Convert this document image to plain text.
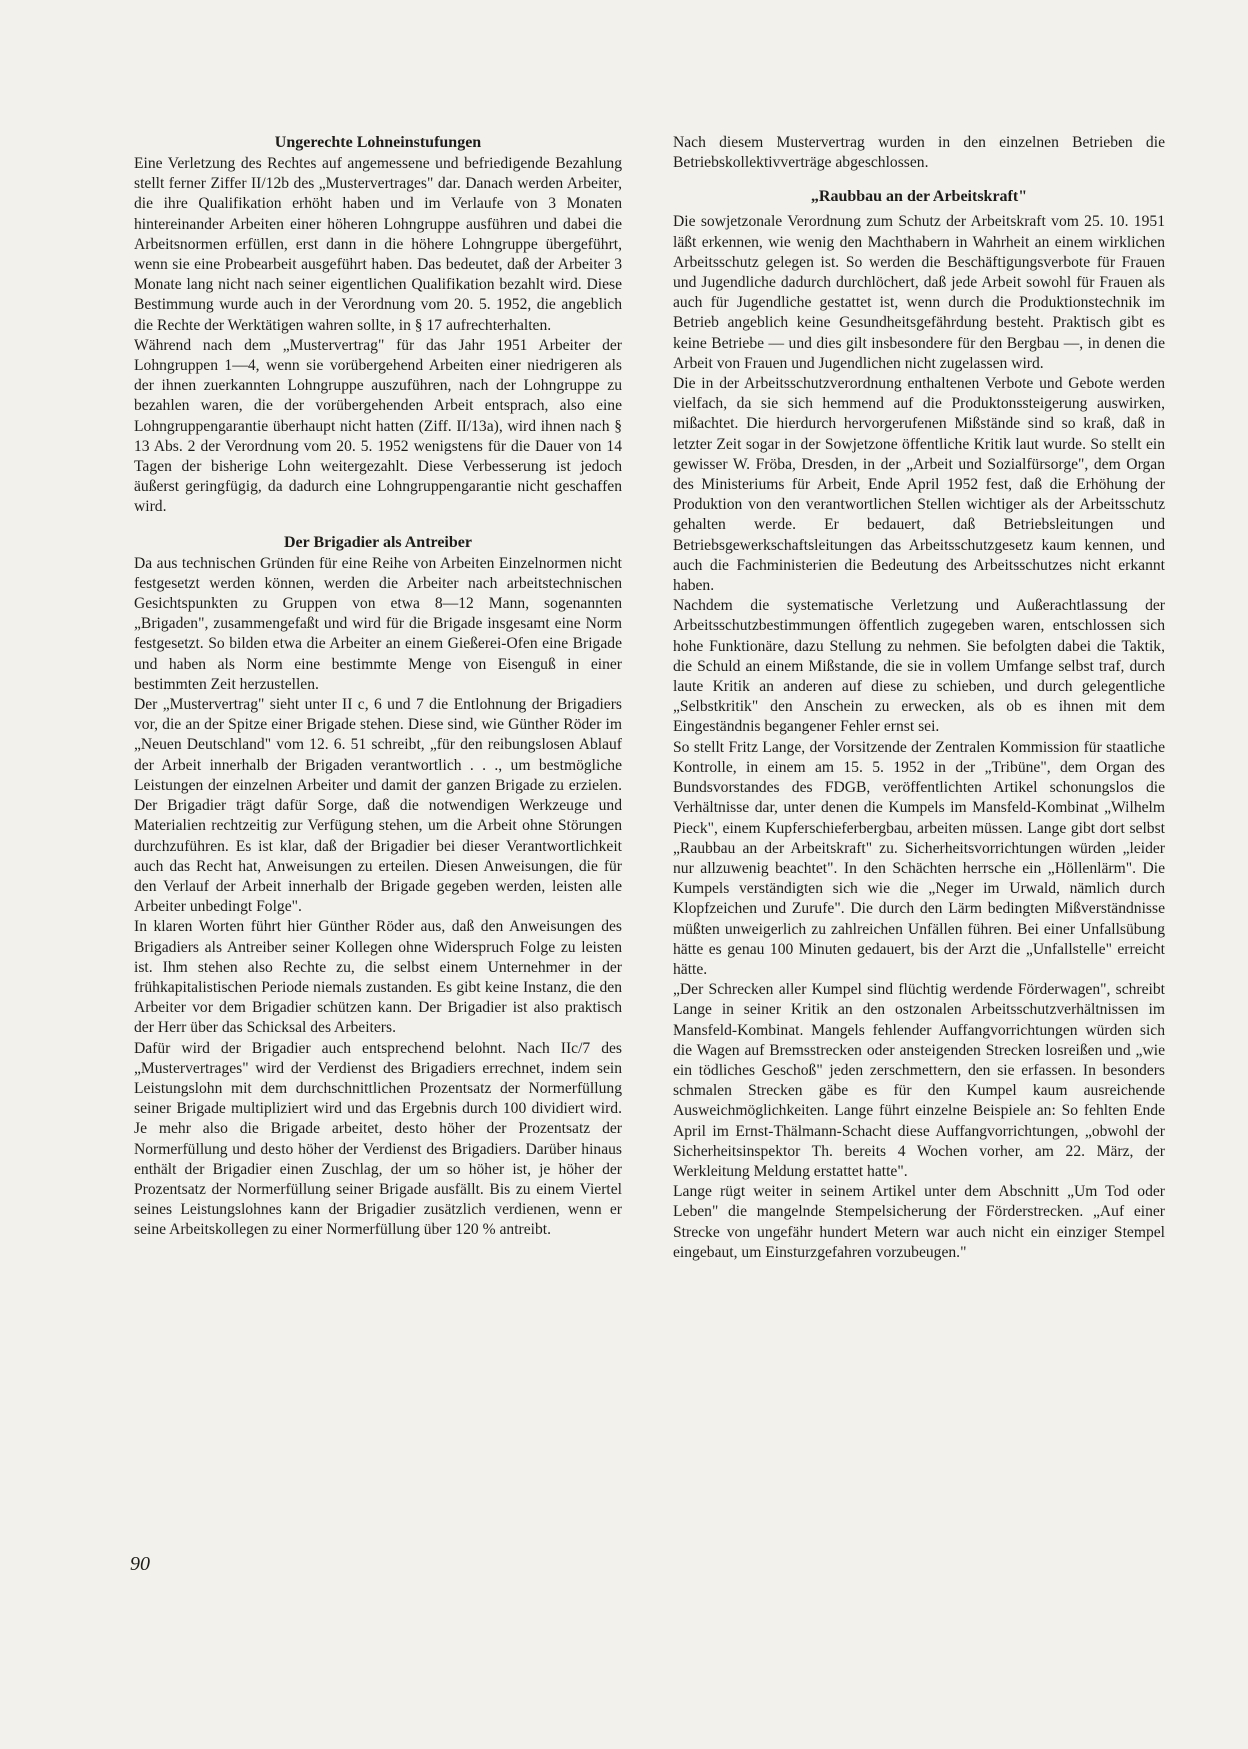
Ungerechte Lohneinstufungen

Eine Verletzung des Rechtes auf angemessene und befriedigende Bezahlung stellt ferner Ziffer II/12b des „Mustervertrages" dar. Danach werden Arbeiter, die ihre Qualifikation erhöht haben und im Verlaufe von 3 Monaten hintereinander Arbeiten einer höheren Lohngruppe ausführen und dabei die Arbeitsnormen erfüllen, erst dann in die höhere Lohngruppe übergeführt, wenn sie eine Probearbeit ausgeführt haben. Das bedeutet, daß der Arbeiter 3 Monate lang nicht nach seiner eigentlichen Qualifikation bezahlt wird. Diese Bestimmung wurde auch in der Verordnung vom 20. 5. 1952, die angeblich die Rechte der Werktätigen wahren sollte, in § 17 aufrechterhalten.

Während nach dem „Mustervertrag" für das Jahr 1951 Arbeiter der Lohngruppen 1—4, wenn sie vorübergehend Arbeiten einer niedrigeren als der ihnen zuerkannten Lohngruppe auszuführen, nach der Lohngruppe zu bezahlen waren, die der vorübergehenden Arbeit entsprach, also eine Lohngruppengarantie überhaupt nicht hatten (Ziff. II/13a), wird ihnen nach § 13 Abs. 2 der Verordnung vom 20. 5. 1952 wenigstens für die Dauer von 14 Tagen der bisherige Lohn weitergezahlt. Diese Verbesserung ist jedoch äußerst geringfügig, da dadurch eine Lohngruppengarantie nicht geschaffen wird.

Der Brigadier als Antreiber

Da aus technischen Gründen für eine Reihe von Arbeiten Einzelnormen nicht festgesetzt werden können, werden die Arbeiter nach arbeitstechnischen Gesichtspunkten zu Gruppen von etwa 8—12 Mann, sogenannten „Brigaden", zusammengefaßt und wird für die Brigade insgesamt eine Norm festgesetzt. So bilden etwa die Arbeiter an einem Gießerei-Ofen eine Brigade und haben als Norm eine bestimmte Menge von Eisenguß in einer bestimmten Zeit herzustellen.

Der „Mustervertrag" sieht unter II c, 6 und 7 die Entlohnung der Brigadiers vor, die an der Spitze einer Brigade stehen. Diese sind, wie Günther Röder im „Neuen Deutschland" vom 12. 6. 51 schreibt, „für den reibungslosen Ablauf der Arbeit innerhalb der Brigaden verantwortlich . . ., um bestmögliche Leistungen der einzelnen Arbeiter und damit der ganzen Brigade zu erzielen. Der Brigadier trägt dafür Sorge, daß die notwendigen Werkzeuge und Materialien rechtzeitig zur Verfügung stehen, um die Arbeit ohne Störungen durchzuführen. Es ist klar, daß der Brigadier bei dieser Verantwortlichkeit auch das Recht hat, Anweisungen zu erteilen. Diesen Anweisungen, die für den Verlauf der Arbeit innerhalb der Brigade gegeben werden, leisten alle Arbeiter unbedingt Folge".

In klaren Worten führt hier Günther Röder aus, daß den Anweisungen des Brigadiers als Antreiber seiner Kollegen ohne Widerspruch Folge zu leisten ist. Ihm stehen also Rechte zu, die selbst einem Unternehmer in der frühkapitalistischen Periode niemals zustanden. Es gibt keine Instanz, die den Arbeiter vor dem Brigadier schützen kann. Der Brigadier ist also praktisch der Herr über das Schicksal des Arbeiters.

Dafür wird der Brigadier auch entsprechend belohnt. Nach IIc/7 des „Mustervertrages" wird der Verdienst des Brigadiers errechnet, indem sein Leistungslohn mit dem durchschnittlichen Prozentsatz der Normerfüllung seiner Brigade multipliziert wird und das Ergebnis durch 100 dividiert wird. Je mehr also die Brigade arbeitet, desto höher der Prozentsatz der Normerfüllung und desto höher der Verdienst des Brigadiers. Darüber hinaus enthält der Brigadier einen Zuschlag, der um so höher ist, je höher der Prozentsatz der Normerfüllung seiner Brigade ausfällt. Bis zu einem Viertel seines Leistungslohnes kann der Brigadier zusätzlich verdienen, wenn er seine Arbeitskollegen zu einer Normerfüllung über 120 % antreibt.

Nach diesem Mustervertrag wurden in den einzelnen Betrieben die Betriebskollektivverträge abgeschlossen.

„Raubbau an der Arbeitskraft"

Die sowjetzonale Verordnung zum Schutz der Arbeitskraft vom 25. 10. 1951 läßt erkennen, wie wenig den Machthabern in Wahrheit an einem wirklichen Arbeitsschutz gelegen ist. So werden die Beschäftigungsverbote für Frauen und Jugendliche dadurch durchlöchert, daß jede Arbeit sowohl für Frauen als auch für Jugendliche gestattet ist, wenn durch die Produktionstechnik im Betrieb angeblich keine Gesundheitsgefährdung besteht. Praktisch gibt es keine Betriebe — und dies gilt insbesondere für den Bergbau —, in denen die Arbeit von Frauen und Jugendlichen nicht zugelassen wird.

Die in der Arbeitsschutzverordnung enthaltenen Verbote und Gebote werden vielfach, da sie sich hemmend auf die Produktonssteigerung auswirken, mißachtet. Die hierdurch hervorgerufenen Mißstände sind so kraß, daß in letzter Zeit sogar in der Sowjetzone öffentliche Kritik laut wurde. So stellt ein gewisser W. Fröba, Dresden, in der „Arbeit und Sozialfürsorge", dem Organ des Ministeriums für Arbeit, Ende April 1952 fest, daß die Erhöhung der Produktion von den verantwortlichen Stellen wichtiger als der Arbeitsschutz gehalten werde. Er bedauert, daß Betriebsleitungen und Betriebsgewerkschaftsleitungen das Arbeitsschutzgesetz kaum kennen, und auch die Fachministerien die Bedeutung des Arbeitsschutzes nicht erkannt haben.

Nachdem die systematische Verletzung und Außerachtlassung der Arbeitsschutzbestimmungen öffentlich zugegeben waren, entschlossen sich hohe Funktionäre, dazu Stellung zu nehmen. Sie befolgten dabei die Taktik, die Schuld an einem Mißstande, die sie in vollem Umfange selbst traf, durch laute Kritik an anderen auf diese zu schieben, und durch gelegentliche „Selbstkritik" den Anschein zu erwecken, als ob es ihnen mit dem Eingeständnis begangener Fehler ernst sei.

So stellt Fritz Lange, der Vorsitzende der Zentralen Kommission für staatliche Kontrolle, in einem am 15. 5. 1952 in der „Tribüne", dem Organ des Bundsvorstandes des FDGB, veröffentlichten Artikel schonungslos die Verhältnisse dar, unter denen die Kumpels im Mansfeld-Kombinat „Wilhelm Pieck", einem Kupferschieferbergbau, arbeiten müssen. Lange gibt dort selbst „Raubbau an der Arbeitskraft" zu. Sicherheitsvorrichtungen würden „leider nur allzuwenig beachtet". In den Schächten herrsche ein „Höllenlärm". Die Kumpels verständigten sich wie die „Neger im Urwald, nämlich durch Klopfzeichen und Zurufe". Die durch den Lärm bedingten Mißverständnisse müßten unweigerlich zu zahlreichen Unfällen führen. Bei einer Unfallsübung hätte es genau 100 Minuten gedauert, bis der Arzt die „Unfallstelle" erreicht hätte.

„Der Schrecken aller Kumpel sind flüchtig werdende Förderwagen", schreibt Lange in seiner Kritik an den ostzonalen Arbeitsschutzverhältnissen im Mansfeld-Kombinat. Mangels fehlender Auffangvorrichtungen würden sich die Wagen auf Bremsstrecken oder ansteigenden Strecken losreißen und „wie ein tödliches Geschoß" jeden zerschmettern, den sie erfassen. In besonders schmalen Strecken gäbe es für den Kumpel kaum ausreichende Ausweichmöglichkeiten. Lange führt einzelne Beispiele an: So fehlten Ende April im Ernst-Thälmann-Schacht diese Auffangvorrichtungen, „obwohl der Sicherheitsinspektor Th. bereits 4 Wochen vorher, am 22. März, der Werkleitung Meldung erstattet hatte".

Lange rügt weiter in seinem Artikel unter dem Abschnitt „Um Tod oder Leben" die mangelnde Stempelsicherung der Förderstrecken. „Auf einer Strecke von ungefähr hundert Metern war auch nicht ein einziger Stempel eingebaut, um Einsturzgefahren vorzubeugen."

90
